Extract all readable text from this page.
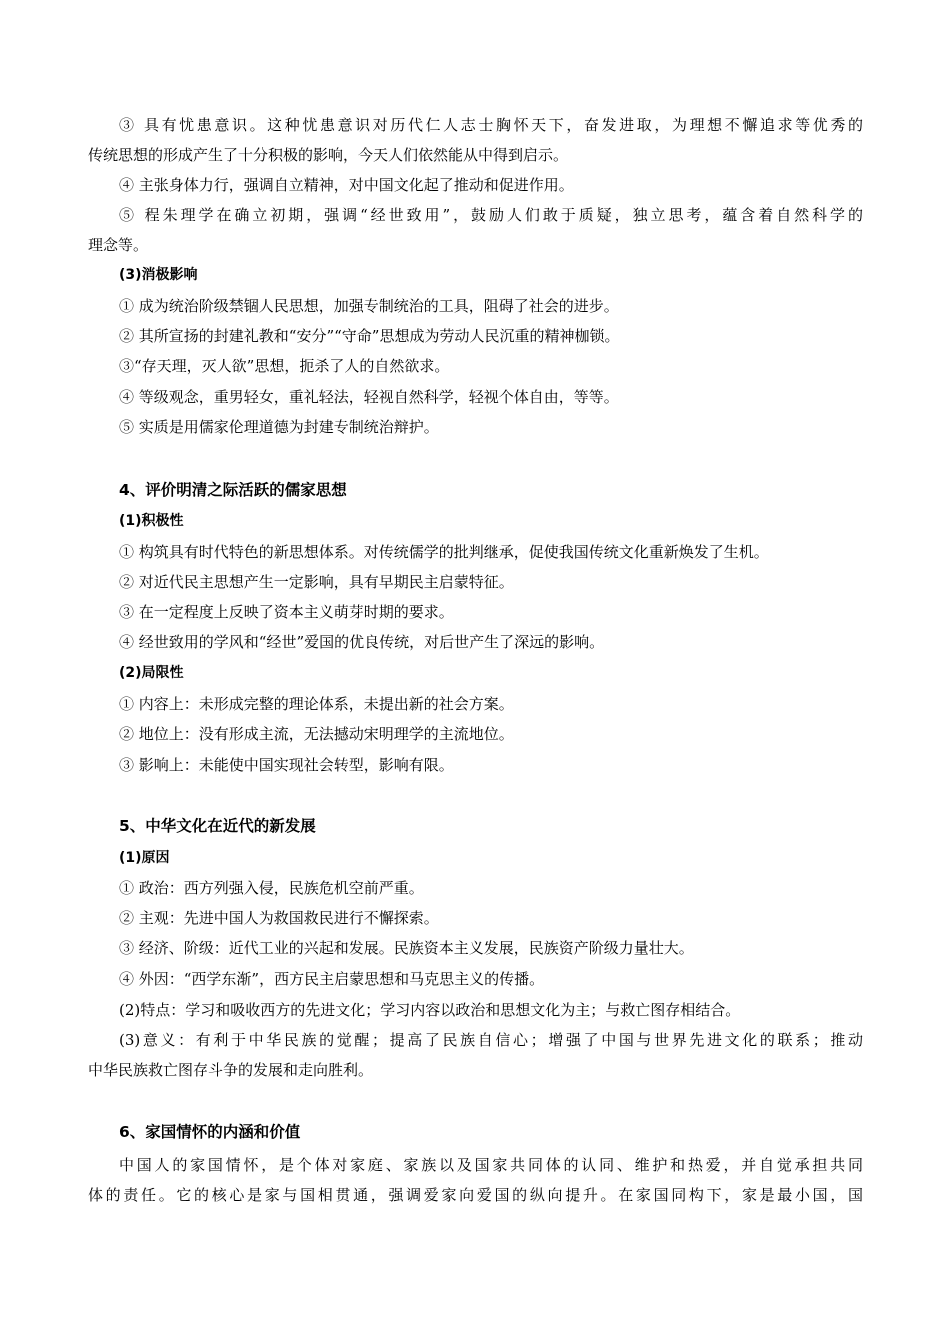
③ 具有忧患意识。这种忧患意识对历代仁人志士胸怀天下，奋发进取，为理想不懈追求等优秀的
传统思想的形成产生了十分积极的影响，今天人们依然能从中得到启示。
④ 主张身体力行，强调自立精神，对中国文化起了推动和促进作用。
⑤ 程朱理学在确立初期，强调“经世致用”，鼓励人们敢于质疑，独立思考，蕴含着自然科学的
理念等。
(3)消极影响
① 成为统治阶级禁锢人民思想，加强专制统治的工具，阻碍了社会的进步。
② 其所宣扬的封建礼教和“安分”“守命”思想成为劳动人民沉重的精神枷锁。
③“存天理，灭人欲”思想，扼杀了人的自然欲求。
④ 等级观念，重男轻女，重礼轻法，轻视自然科学，轻视个体自由，等等。
⑤ 实质是用儒家伦理道德为封建专制统治辩护。
4、评价明清之际活跃的儒家思想
(1)积极性
① 构筑具有时代特色的新思想体系。对传统儒学的批判继承，促使我国传统文化重新焕发了生机。
② 对近代民主思想产生一定影响，具有早期民主启蒙特征。
③ 在一定程度上反映了资本主义萌芽时期的要求。
④ 经世致用的学风和“经世”爱国的优良传统，对后世产生了深远的影响。
(2)局限性
① 内容上：未形成完整的理论体系，未提出新的社会方案。
② 地位上：没有形成主流，无法撼动宋明理学的主流地位。
③ 影响上：未能使中国实现社会转型，影响有限。
5、中华文化在近代的新发展
(1)原因
① 政治：西方列强入侵，民族危机空前严重。
② 主观：先进中国人为救国救民进行不懈探索。
③ 经济、阶级：近代工业的兴起和发展。民族资本主义发展，民族资产阶级力量壮大。
④ 外因：“西学东渐”，西方民主启蒙思想和马克思主义的传播。
(2)特点：学习和吸收西方的先进文化；学习内容以政治和思想文化为主；与救亡图存相结合。
(3)意义：有利于中华民族的觉醒；提高了民族自信心；增强了中国与世界先进文化的联系；推动
中华民族救亡图存斗争的发展和走向胜利。
6、家国情怀的内涵和价值
中国人的家国情怀，是个体对家庭、家族以及国家共同体的认同、维护和热爱，并自觉承担共同
体的责任。它的核心是家与国相贯通，强调爱家向爱国的纵向提升。在家国同构下，家是最小国，国
